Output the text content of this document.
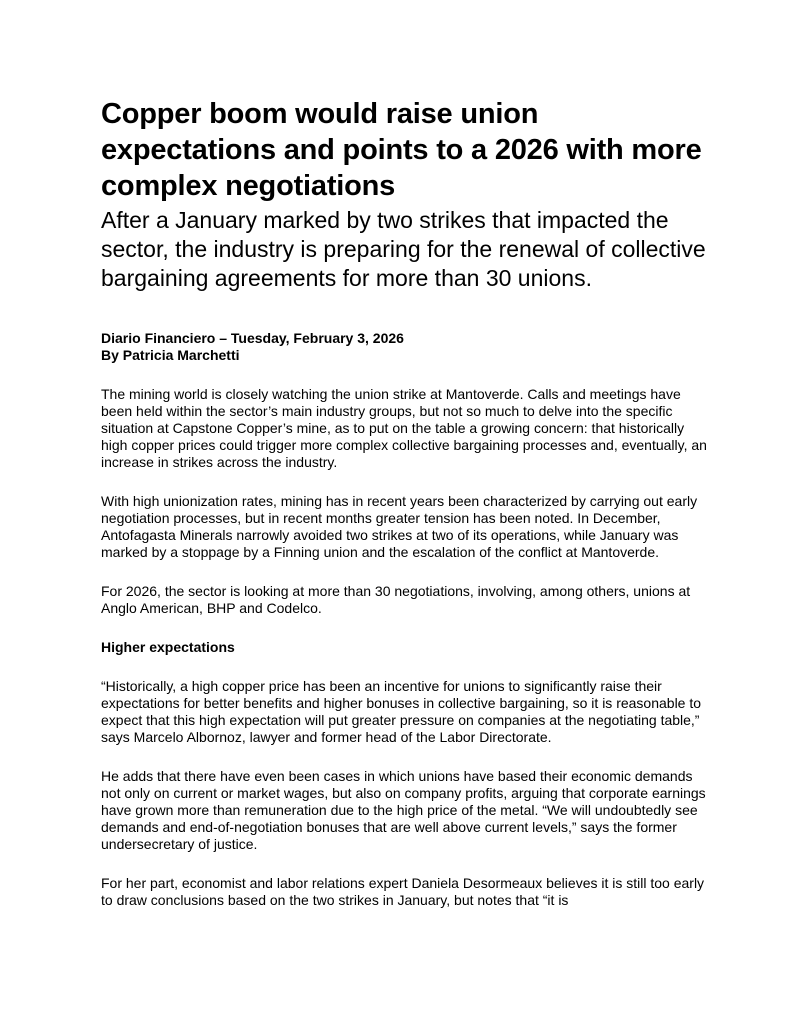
Copper boom would raise union expectations and points to a 2026 with more complex negotiations
After a January marked by two strikes that impacted the sector, the industry is preparing for the renewal of collective bargaining agreements for more than 30 unions.
Diario Financiero – Tuesday, February 3, 2026
By Patricia Marchetti

The mining world is closely watching the union strike at Mantoverde. Calls and meetings have been held within the sector’s main industry groups, but not so much to delve into the specific situation at Capstone Copper’s mine, as to put on the table a growing concern: that historically high copper prices could trigger more complex collective bargaining processes and, eventually, an increase in strikes across the industry.

With high unionization rates, mining has in recent years been characterized by carrying out early negotiation processes, but in recent months greater tension has been noted. In December, Antofagasta Minerals narrowly avoided two strikes at two of its operations, while January was marked by a stoppage by a Finning union and the escalation of the conflict at Mantoverde.

For 2026, the sector is looking at more than 30 negotiations, involving, among others, unions at Anglo American, BHP and Codelco.

Higher expectations

“Historically, a high copper price has been an incentive for unions to significantly raise their expectations for better benefits and higher bonuses in collective bargaining, so it is reasonable to expect that this high expectation will put greater pressure on companies at the negotiating table,” says Marcelo Albornoz, lawyer and former head of the Labor Directorate.

He adds that there have even been cases in which unions have based their economic demands not only on current or market wages, but also on company profits, arguing that corporate earnings have grown more than remuneration due to the high price of the metal. “We will undoubtedly see demands and end-of-negotiation bonuses that are well above current levels,” says the former undersecretary of justice.

For her part, economist and labor relations expert Daniela Desormeaux believes it is still too early to draw conclusions based on the two strikes in January, but notes that “it is
